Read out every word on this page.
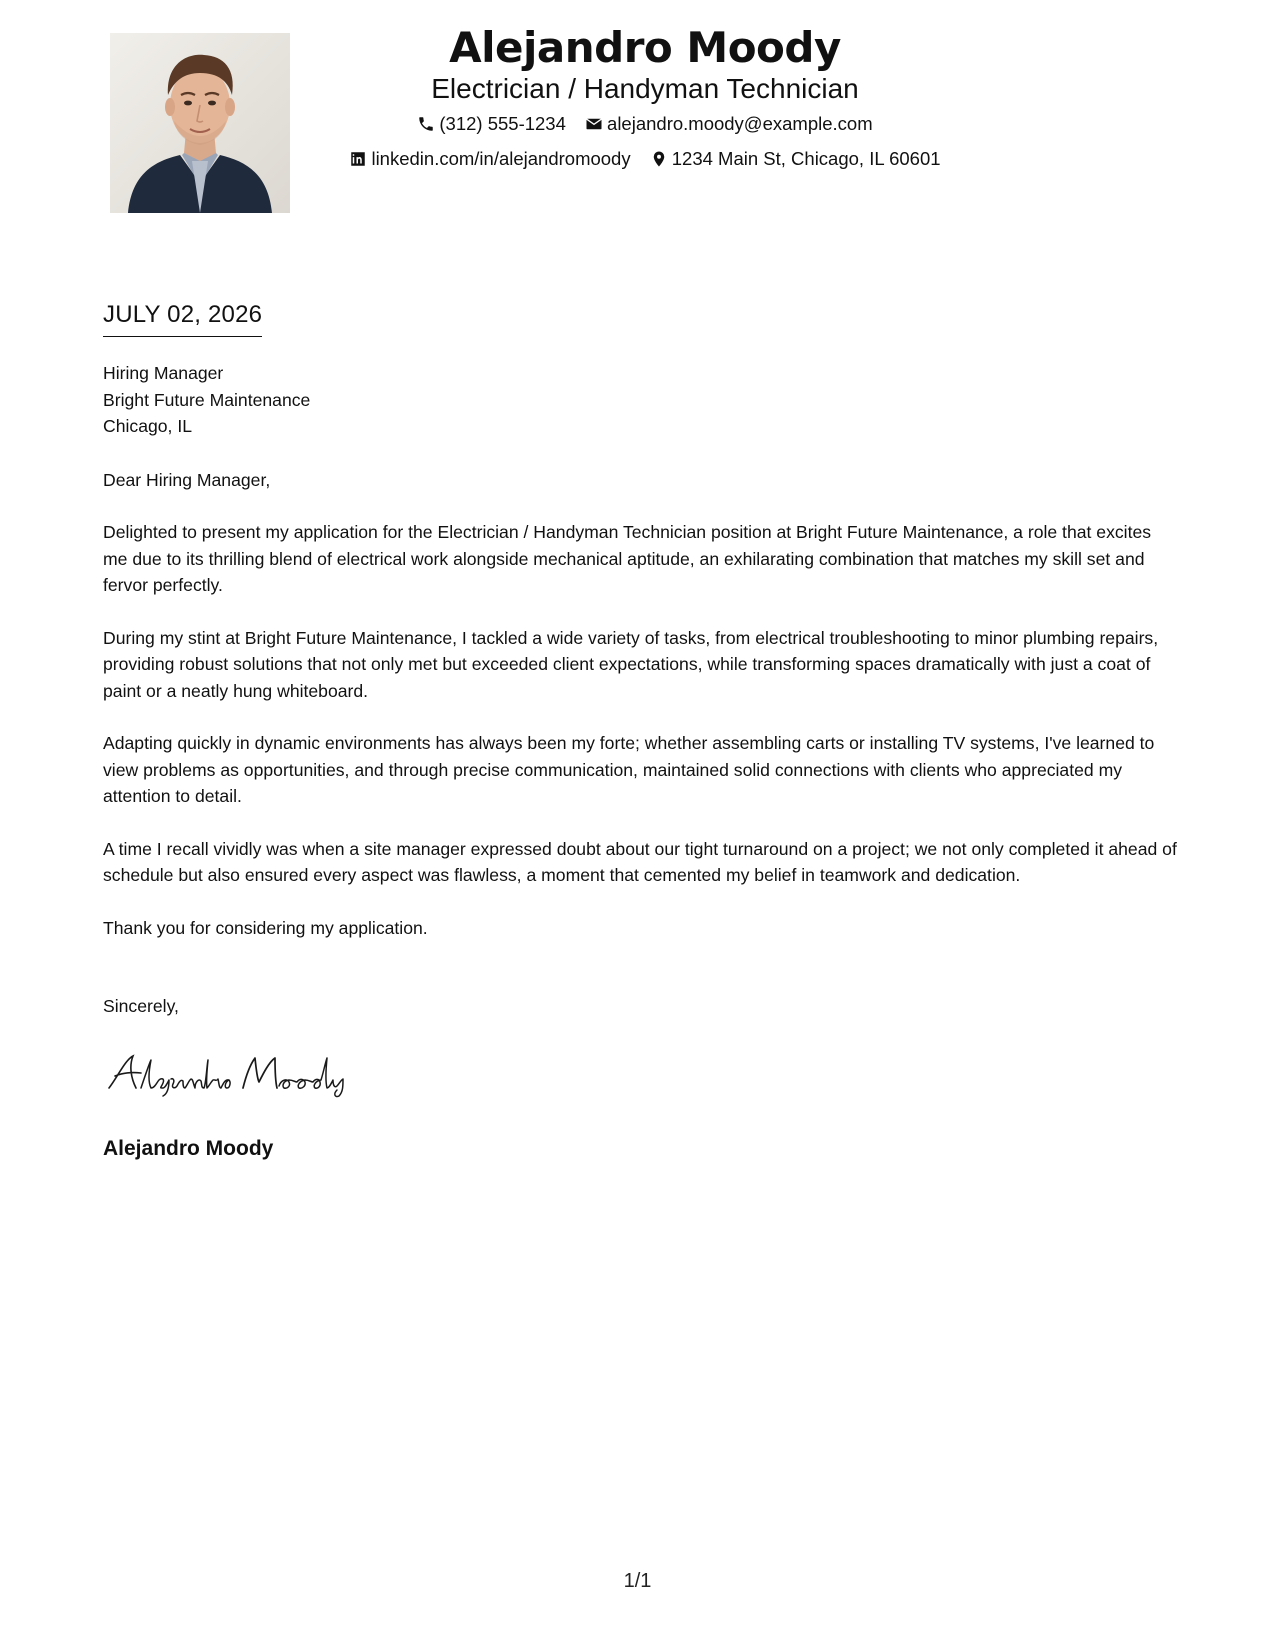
Alejandro Moody
Electrician / Handyman Technician
(312) 555-1234
alejandro.moody@example.com
linkedin.com/in/alejandromoody
1234 Main St, Chicago, IL 60601
JULY 02, 2026
Hiring Manager
Bright Future Maintenance
Chicago, IL

Dear Hiring Manager,

Delighted to present my application for the Electrician / Handyman Technician position at Bright Future Maintenance, a role that excites me due to its thrilling blend of electrical work alongside mechanical aptitude, an exhilarating combination that matches my skill set and fervor perfectly.

During my stint at Bright Future Maintenance, I tackled a wide variety of tasks, from electrical troubleshooting to minor plumbing repairs, providing robust solutions that not only met but exceeded client expectations, while transforming spaces dramatically with just a coat of paint or a neatly hung whiteboard.

Adapting quickly in dynamic environments has always been my forte; whether assembling carts or installing TV systems, I've learned to view problems as opportunities, and through precise communication, maintained solid connections with clients who appreciated my attention to detail.

A time I recall vividly was when a site manager expressed doubt about our tight turnaround on a project; we not only completed it ahead of schedule but also ensured every aspect was flawless, a moment that cemented my belief in teamwork and dedication.

Thank you for considering my application.

Sincerely,

Alejandro Moody
1/1
